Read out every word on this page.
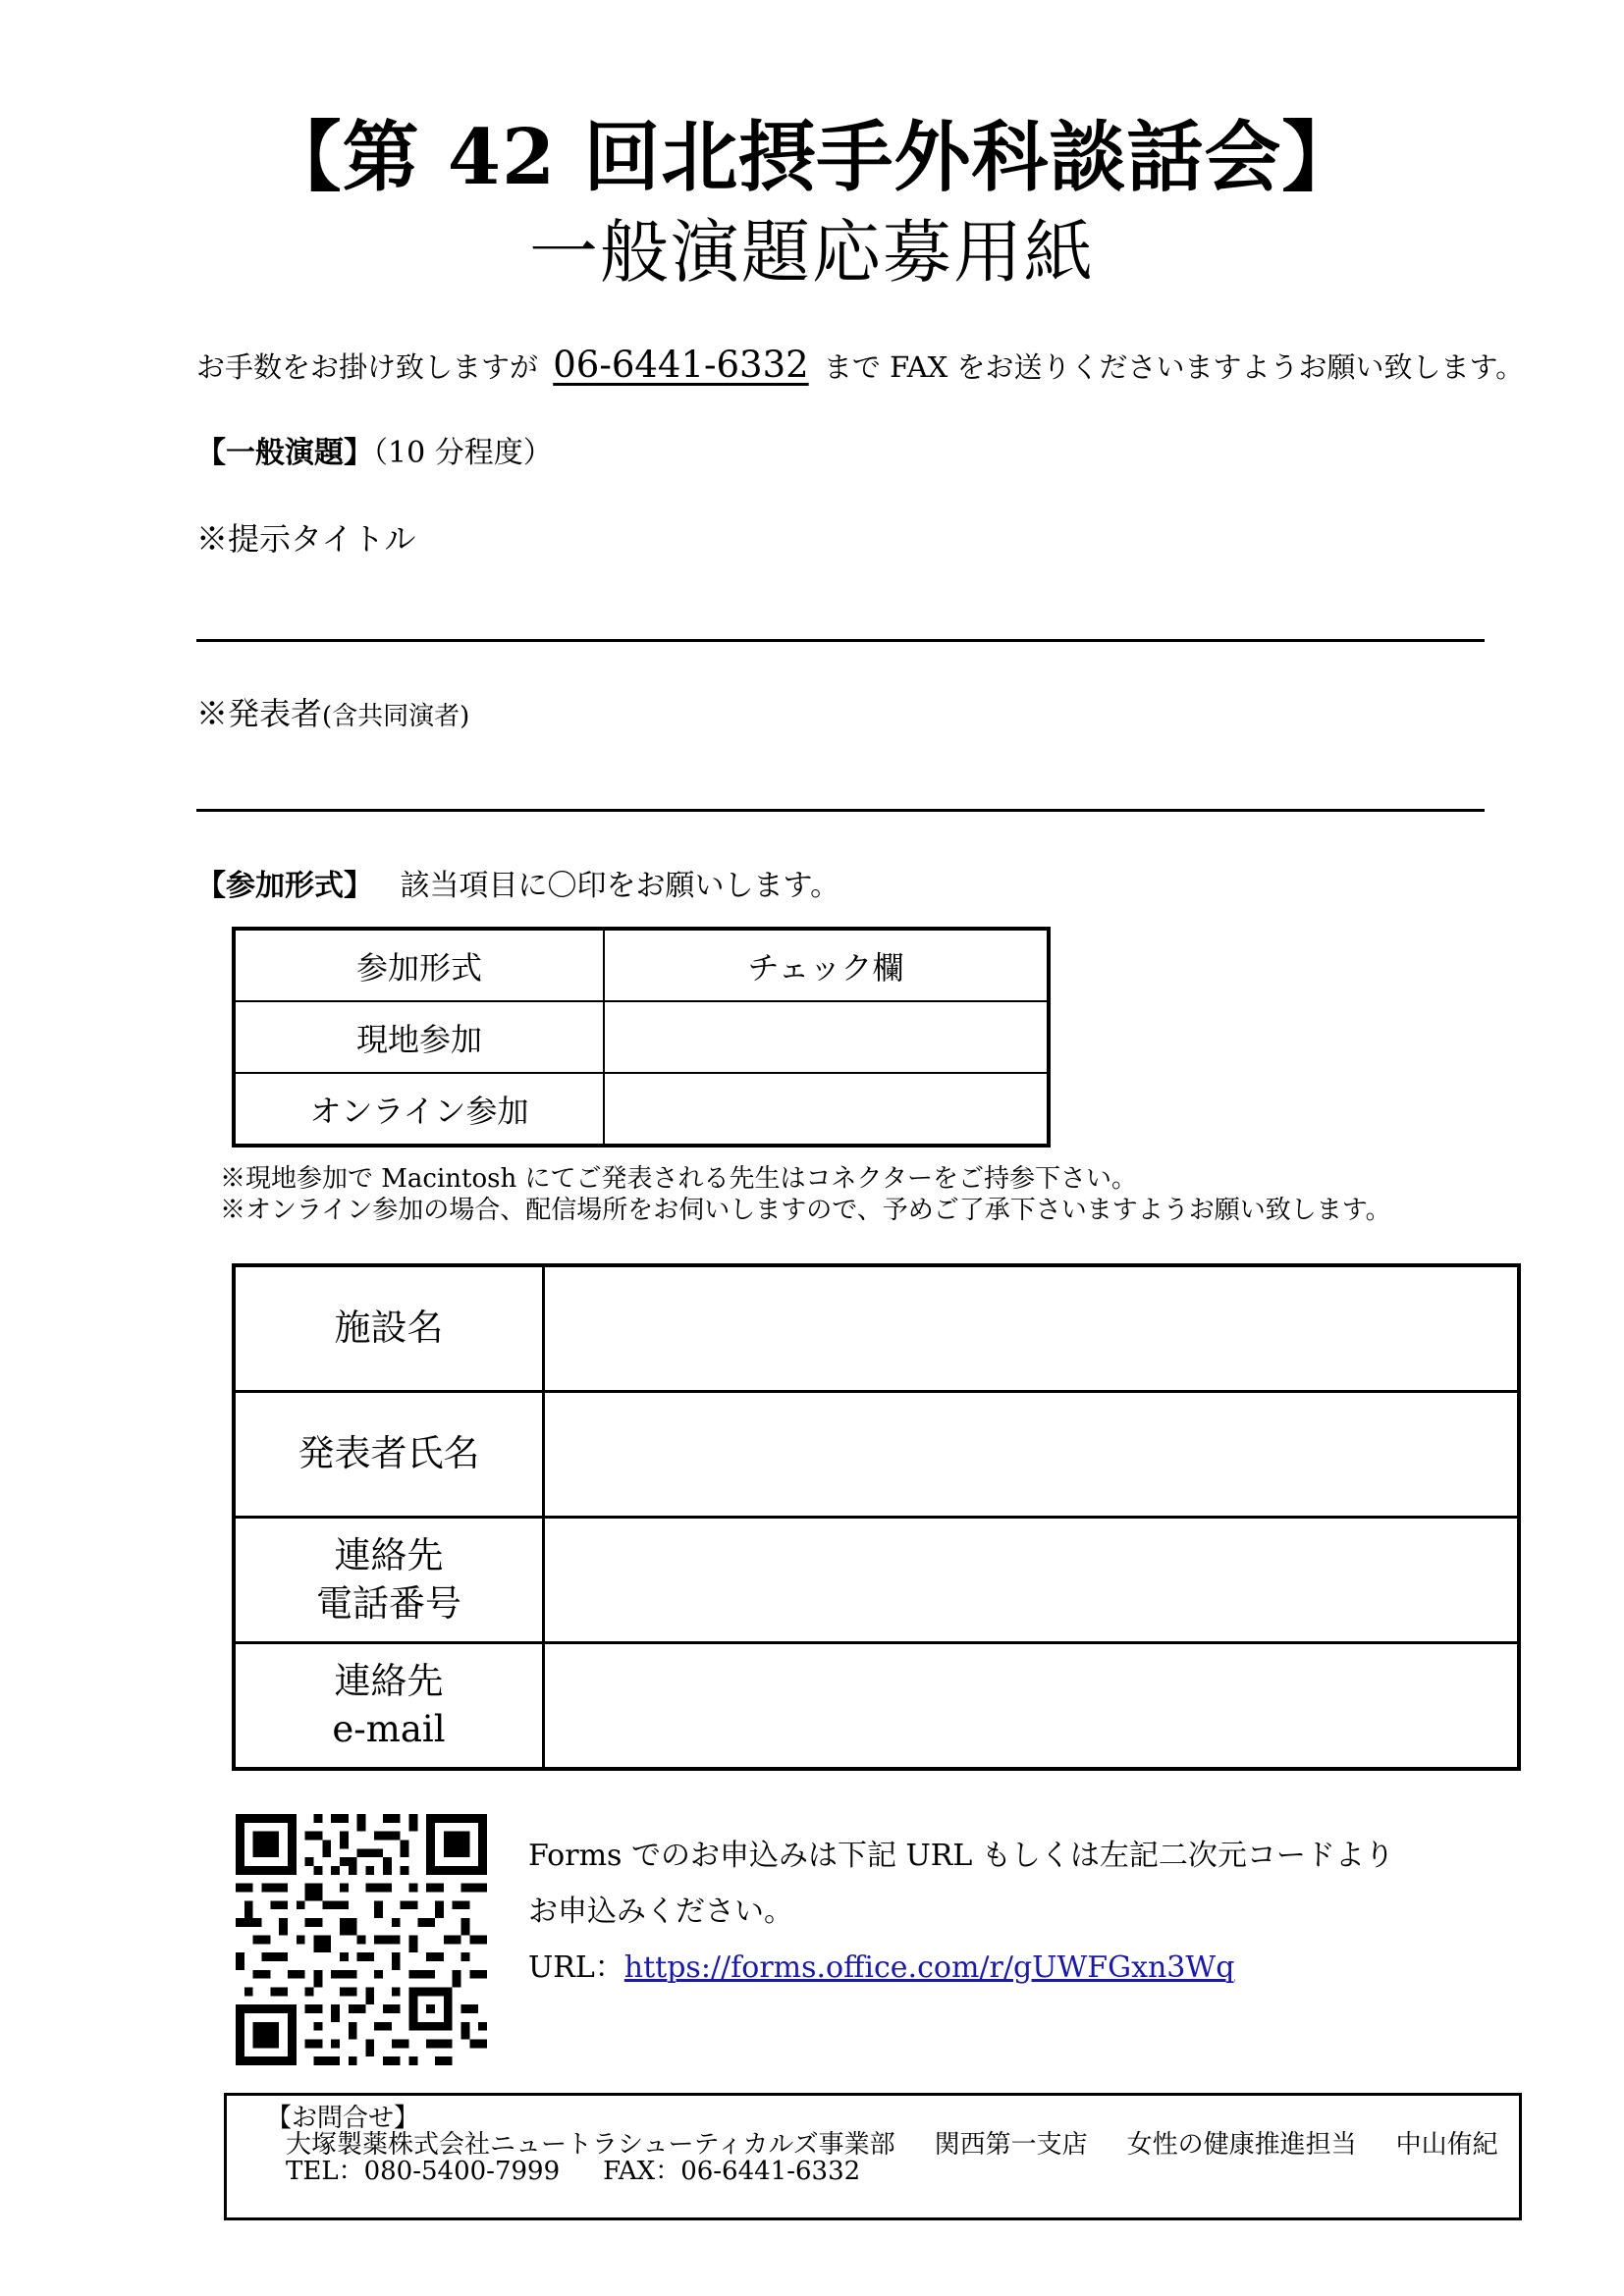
【第 42 回北摂手外科談話会】
一般演題応募用紙
お手数をお掛け致しますが 06-6441-6332 まで FAX をお送りくださいますようお願い致します。
【一般演題】（10 分程度）
※提示タイトル
※発表者(含共同演者)
【参加形式】 該当項目に〇印をお願いします。
参加形式	チェック欄
現地参加	
オンライン参加	
※現地参加で Macintosh にてご発表される先生はコネクターをご持参下さい。
※オンライン参加の場合、配信場所をお伺いしますので、予めご了承下さいますようお願い致します。
施設名	

発表者氏名	

連絡先
電話番号	

連絡先
e-mail	

Forms でのお申込みは下記 URL もしくは左記二次元コードより
お申込みください。
URL：https://forms.office.com/r/gUWFGxn3Wq
【お問合せ】
大塚製薬株式会社ニュートラシューティカルズ事業部 関西第一支店 女性の健康推進担当 中山侑紀
TEL：080-5400-7999 FAX：06-6441-6332
